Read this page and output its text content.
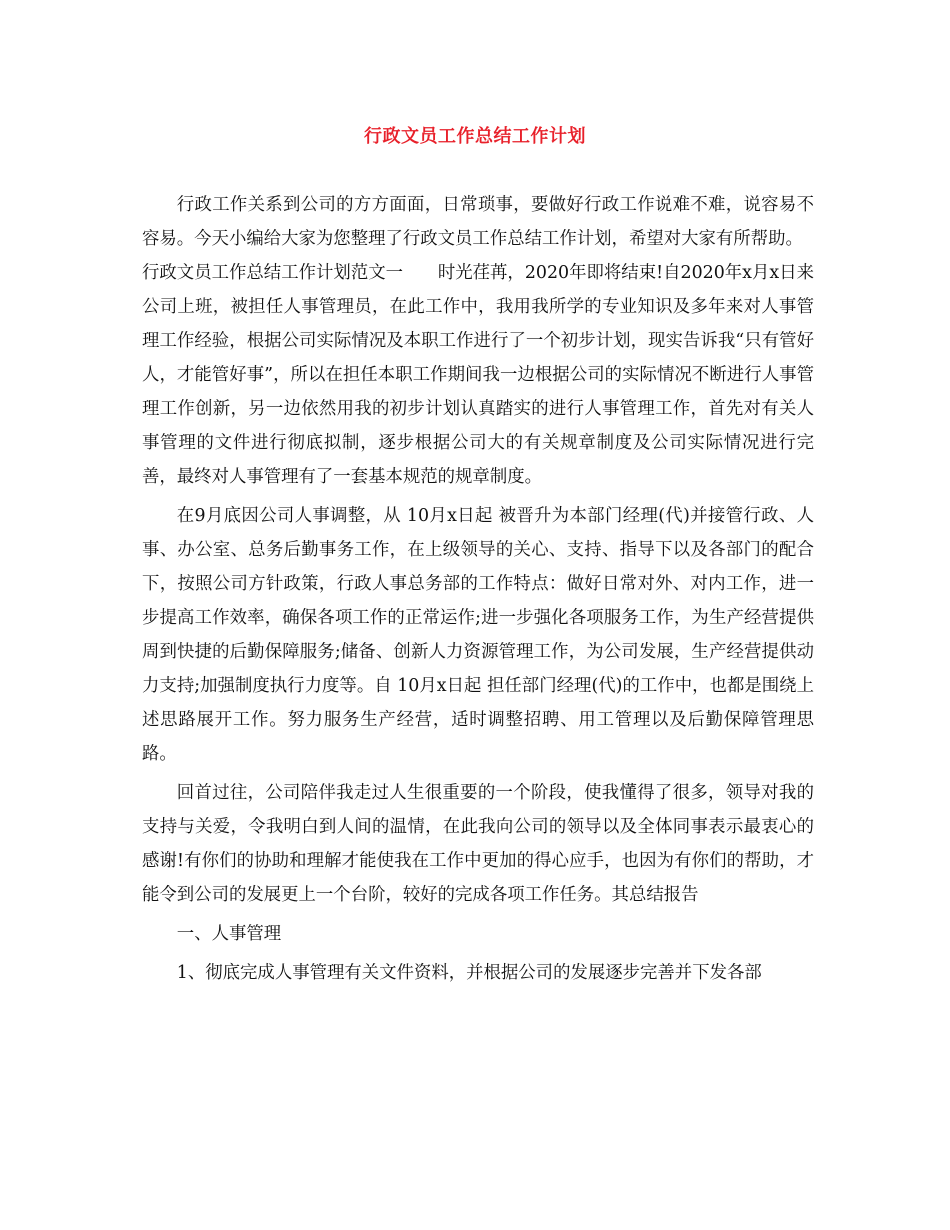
行政文员工作总结工作计划

行政工作关系到公司的方方面面，日常琐事，要做好行政工作说难不难，说容易不容易。今天小编给大家为您整理了行政文员工作总结工作计划，希望对大家有所帮助。

行政文员工作总结工作计划范文一　　时光荏苒，2020年即将结束!自2020年x月x日来公司上班，被担任人事管理员，在此工作中，我用我所学的专业知识及多年来对人事管理工作经验，根据公司实际情况及本职工作进行了一个初步计划，现实告诉我“只有管好人，才能管好事”，所以在担任本职工作期间我一边根据公司的实际情况不断进行人事管理工作创新，另一边依然用我的初步计划认真踏实的进行人事管理工作，首先对有关人事管理的文件进行彻底拟制，逐步根据公司大的有关规章制度及公司实际情况进行完善，最终对人事管理有了一套基本规范的规章制度。

在9月底因公司人事调整，从 10月x日起 被晋升为本部门经理(代)并接管行政、人事、办公室、总务后勤事务工作，在上级领导的关心、支持、指导下以及各部门的配合下，按照公司方针政策，行政人事总务部的工作特点：做好日常对外、对内工作，进一步提高工作效率，确保各项工作的正常运作;进一步强化各项服务工作，为生产经营提供周到快捷的后勤保障服务;储备、创新人力资源管理工作，为公司发展，生产经营提供动力支持;加强制度执行力度等。自 10月x日起 担任部门经理(代)的工作中，也都是围绕上述思路展开工作。努力服务生产经营，适时调整招聘、用工管理以及后勤保障管理思路。

回首过往，公司陪伴我走过人生很重要的一个阶段，使我懂得了很多，领导对我的支持与关爱，令我明白到人间的温情，在此我向公司的领导以及全体同事表示最衷心的感谢!有你们的协助和理解才能使我在工作中更加的得心应手，也因为有你们的帮助，才能令到公司的发展更上一个台阶，较好的完成各项工作任务。其总结报告

一、人事管理

1、彻底完成人事管理有关文件资料，并根据公司的发展逐步完善并下发各部
